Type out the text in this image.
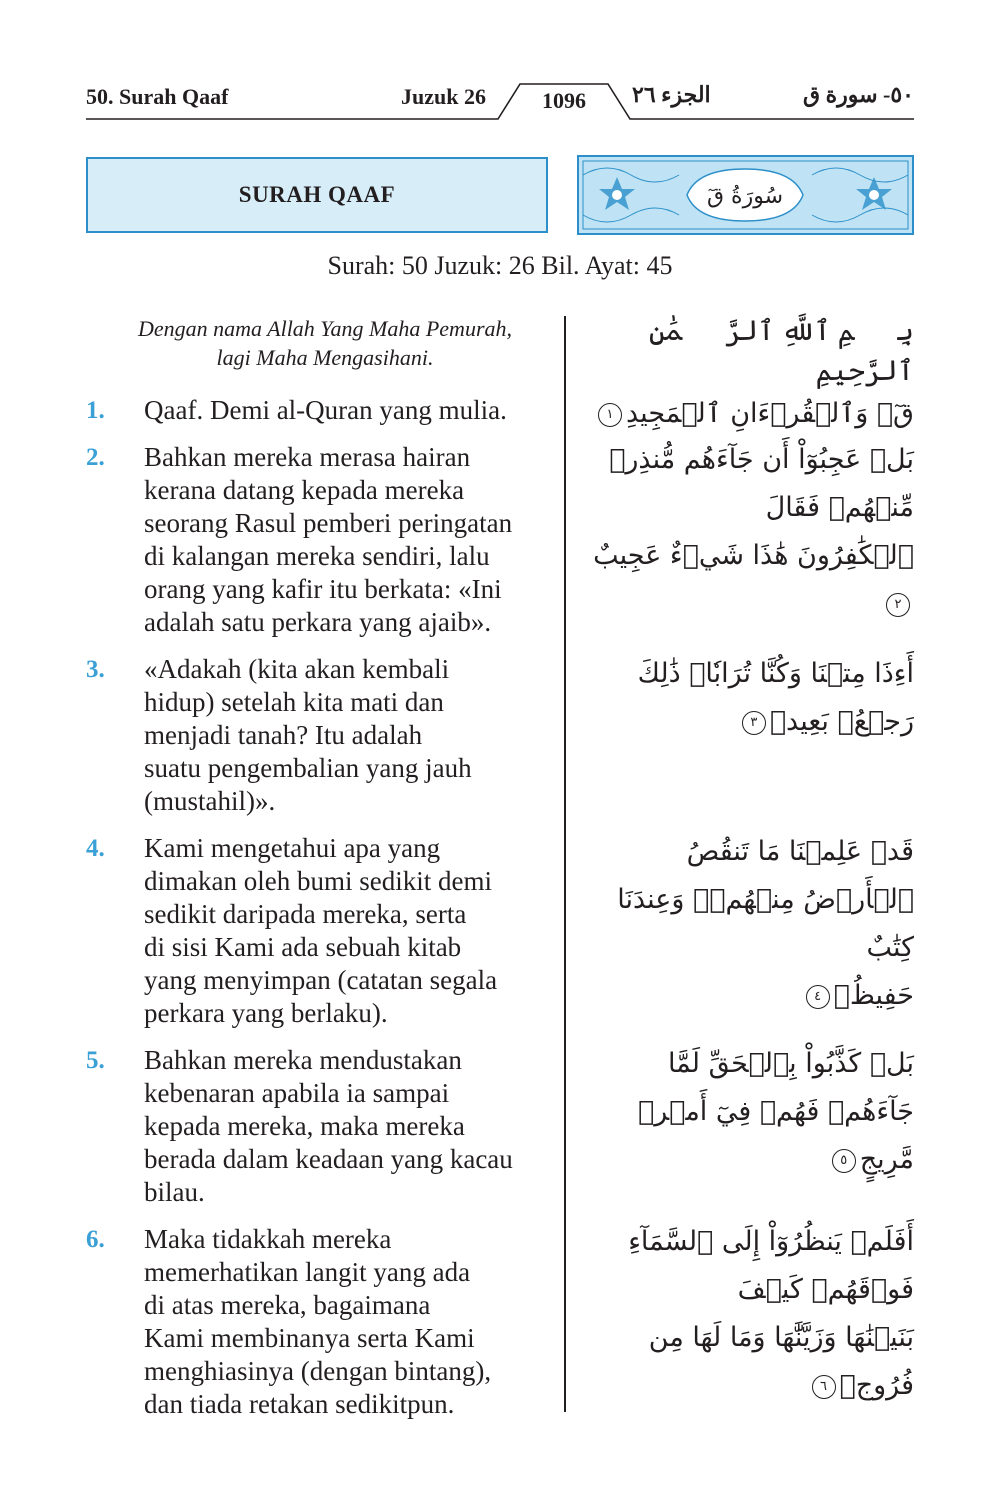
50. Surah Qaaf	Juzuk 26	1096	الجزء ٢٦	٥٠- سورة ق
SURAH QAAF	سُورَةُ قٓ
Surah: 50 Juzuk: 26 Bil. Ayat: 45
Dengan nama Allah Yang Maha Pemurah,
lagi Maha Mengasihani.
بِسۡمِ ٱللَّهِ ٱلرَّحۡمَٰنِ ٱلرَّحِيمِ
1.	Qaaf. Demi al-Quran yang mulia.	قٓۚ وَٱلۡقُرۡءَانِ ٱلۡمَجِيدِ١
2.	Bahkan mereka merasa hairan
kerana datang kepada mereka
seorang Rasul pemberi peringatan
di kalangan mereka sendiri, lalu
orang yang kafir itu berkata: «Ini
adalah satu perkara yang ajaib».
بَلۡ عَجِبُوٓاْ أَن جَآءَهُم مُّنذِرٞ مِّنۡهُمۡ فَقَالَ
ٱلۡكَٰفِرُونَ هَٰذَا شَيۡءٌ عَجِيبٌ٢
3.	«Adakah (kita akan kembali
hidup) setelah kita mati dan
menjadi tanah? Itu adalah
suatu pengembalian yang jauh
(mustahil)».
أَءِذَا مِتۡنَا وَكُنَّا تُرَابٗاۖ ذَٰلِكَ رَجۡعُۢ بَعِيدٞ٣
4.	Kami mengetahui apa yang
dimakan oleh bumi sedikit demi
sedikit daripada mereka, serta
di sisi Kami ada sebuah kitab
yang menyimpan (catatan segala
perkara yang berlaku).
قَدۡ عَلِمۡنَا مَا تَنقُصُ ٱلۡأَرۡضُ مِنۡهُمۡۖ وَعِندَنَا كِتَٰبٌ
حَفِيظُۢ٤
5.	Bahkan mereka mendustakan
kebenaran apabila ia sampai
kepada mereka, maka mereka
berada dalam keadaan yang kacau
bilau.
بَلۡ كَذَّبُواْ بِٱلۡحَقِّ لَمَّا جَآءَهُمۡ فَهُمۡ فِيٓ أَمۡرٖ
مَّرِيجٍ٥
6.	Maka tidakkah mereka
memerhatikan langit yang ada
di atas mereka, bagaimana
Kami membinanya serta Kami
menghiasinya (dengan bintang),
dan tiada retakan sedikitpun.
أَفَلَمۡ يَنظُرُوٓاْ إِلَى ٱلسَّمَآءِ فَوۡقَهُمۡ كَيۡفَ
بَنَيۡنَٰهَا وَزَيَّنَّٰهَا وَمَا لَهَا مِن فُرُوجٖ٦
